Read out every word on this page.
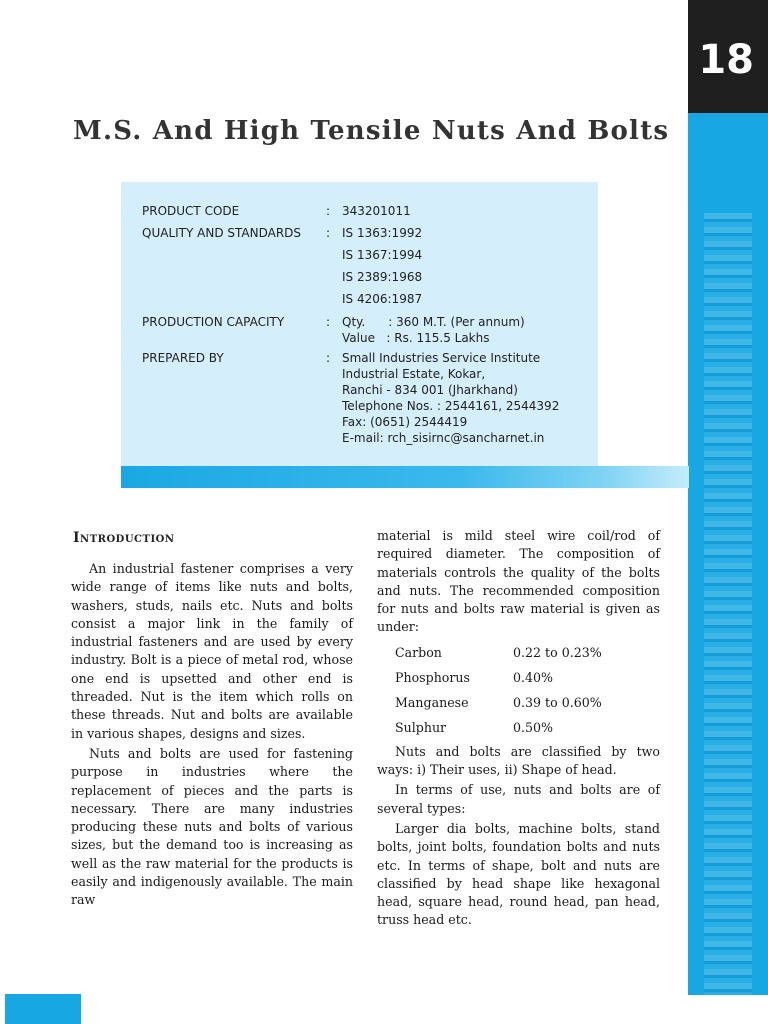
18
M.S. And High Tensile Nuts And Bolts
PRODUCT CODE	: 343201011
QUALITY AND STANDARDS	: IS 1363:1992
IS 1367:1994
IS 2389:1968
IS 4206:1987
PRODUCTION CAPACITY	: Qty.      : 360 M.T. (Per annum)
Value   : Rs. 115.5 Lakhs
PREPARED BY	: Small Industries Service Institute
Industrial Estate, Kokar,
Ranchi - 834 001 (Jharkhand)
Telephone Nos. : 2544161, 2544392
Fax: (0651) 2544419
E-mail: rch_sisirnc@sancharnet.in
Introduction

An industrial fastener comprises a very wide range of items like nuts and bolts, washers, studs, nails etc. Nuts and bolts consist a major link in the family of industrial fasteners and are used by every industry. Bolt is a piece of metal rod, whose one end is upsetted and other end is threaded. Nut is the item which rolls on these threads. Nut and bolts are available in various shapes, designs and sizes.

Nuts and bolts are used for fastening purpose in industries where the replacement of pieces and the parts is necessary. There are many industries producing these nuts and bolts of various sizes, but the demand too is increasing as well as the raw material for the products is easily and indigenously available. The main raw

material is mild steel wire coil/rod of required diameter. The composition of materials controls the quality of the bolts and nuts. The recommended composition for nuts and bolts raw material is given as under:

Carbon	0.22 to 0.23%
Phosphorus	0.40%
Manganese	0.39 to 0.60%
Sulphur	0.50%

Nuts and bolts are classified by two ways: i) Their uses, ii) Shape of head.

In terms of use, nuts and bolts are of several types:

Larger dia bolts, machine bolts, stand bolts, joint bolts, foundation bolts and nuts etc. In terms of shape, bolt and nuts are classified by head shape like hexagonal head, square head, round head, pan head, truss head etc.
